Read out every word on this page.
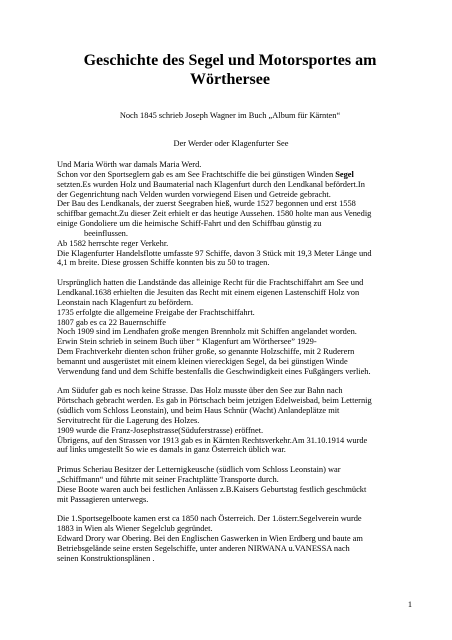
Geschichte des Segel und Motorsportes am Wörthersee
Noch 1845 schrieb Joseph Wagner im Buch „Album für Kärnten“
Der Werder oder Klagenfurter See

Und Maria Wörth war damals Maria Werd.
Schon vor den Sportseglern gab es am See Frachtschiffe die bei günstigen Winden Segel
setzten.Es wurden Holz und Baumaterial nach Klagenfurt durch den Lendkanal befördert.In
der Gegenrichtung nach Velden wurden vorwiegend Eisen und Getreide gebracht.
Der Bau des Lendkanals, der zuerst Seegraben hieß, wurde 1527 begonnen und erst 1558
schiffbar gemacht.Zu dieser Zeit erhielt er das heutige Aussehen. 1580 holte man aus Venedig
einige Gondoliere um die heimische Schiff-Fahrt und den Schiffbau günstig zu
beeinflussen.
Ab 1582 herrschte reger Verkehr.
Die Klagenfurter Handelsflotte umfasste 97 Schiffe, davon 3 Stück mit 19,3 Meter Länge und
4,1 m breite. Diese grossen Schiffe konnten bis zu 50 to tragen.

Ursprünglich hatten die Landstände das alleinige Recht für die Frachtschiffahrt am See und
Lendkanal.1638 erhielten die Jesuiten das Recht mit einem eigenen Lastenschiff Holz von
Leonstain nach Klagenfurt zu befördern.
1735 erfolgte die allgemeine Freigabe der Frachtschiffahrt.
1807 gab es ca 22 Bauernschiffe
Noch 1909 sind im Lendhafen große mengen Brennholz mit Schiffen angelandet worden.
Erwin Stein schrieb in seinem Buch über “ Klagenfurt am Wörthersee” 1929-
Dem Frachtverkehr dienten schon früher große, so genannte Holzschiffe, mit 2 Ruderern
bemannt und ausgerüstet mit einem kleinen viereckigen Segel, da bei günstigen Winde
Verwendung fand und dem Schiffe bestenfalls die Geschwindigkeit eines Fußgängers verlieh.

Am Südufer gab es noch keine Strasse. Das Holz musste über den See zur Bahn nach
Pörtschach gebracht werden. Es gab in Pörtschach beim jetzigen Edelweisbad, beim Letternig
(südlich vom Schloss Leonstain), und beim Haus Schnür (Wacht) Anlandeplätze mit
Servitutrecht für die Lagerung des Holzes.
1909 wurde die Franz-Josephstrasse(Süduferstrasse) eröffnet.
Übrigens, auf den Strassen vor 1913 gab es in Kärnten Rechtsverkehr.Am 31.10.1914 wurde
auf links umgestellt So wie es damals in ganz Österreich üblich war.

Primus Scheriau Besitzer der Letternigkeusche (südlich vom Schloss Leonstain) war
„Schiffmann“ und führte mit seiner Frachtplätte Transporte durch.
Diese Boote waren auch bei festlichen Anlässen z.B.Kaisers Geburtstag festlich geschmückt
mit Passagieren unterwegs.

Die 1.Sportsegelboote kamen erst ca 1850 nach Österreich. Der 1.österr.Segelverein wurde
1883 in Wien als Wiener Segelclub gegründet.
Edward Drory war Obering. Bei den Englischen Gaswerken in Wien Erdberg und baute am
Betriebsgelände seine ersten Segelschiffe, unter anderen NIRWANA u.VANESSA nach
seinen Konstruktionsplänen .

1
